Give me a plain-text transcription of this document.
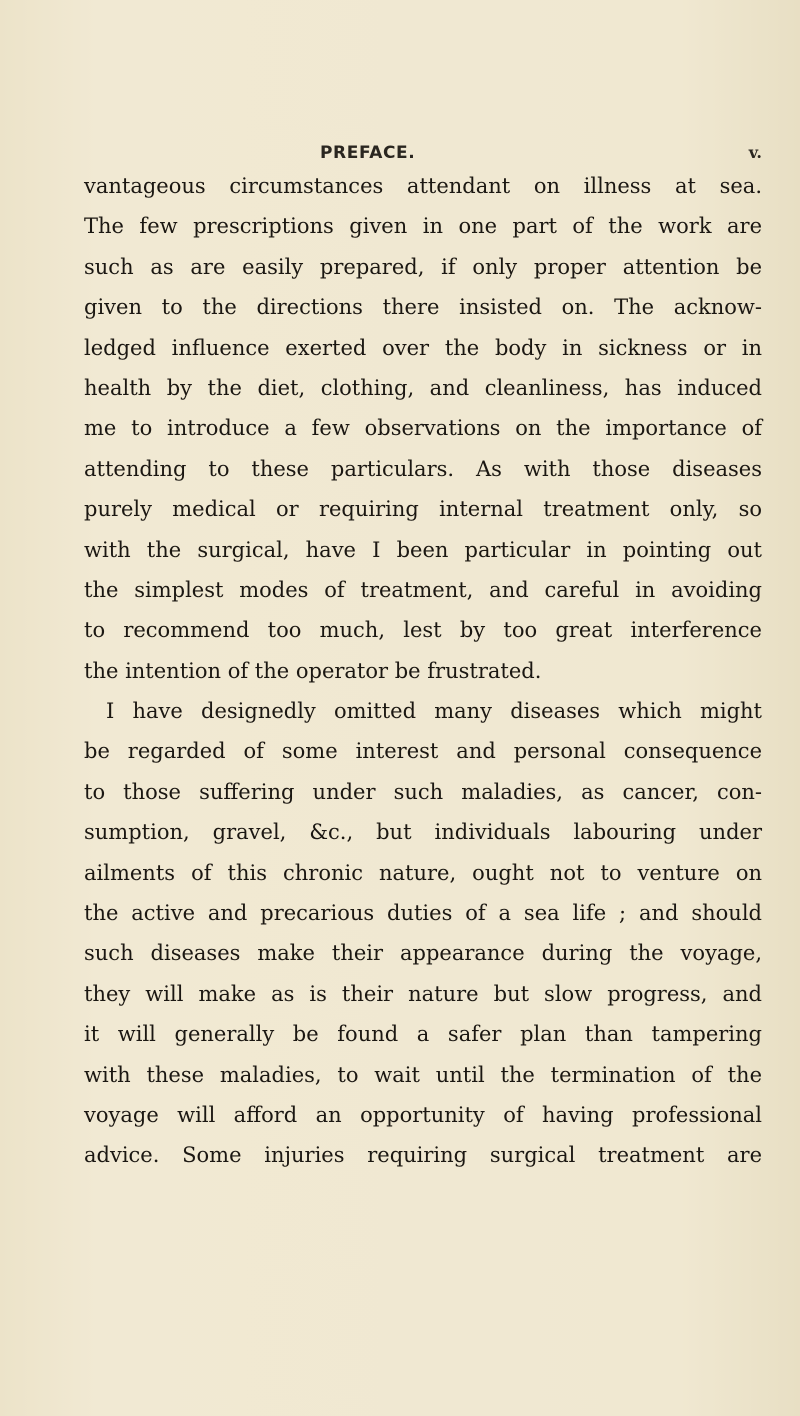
PREFACE.	v.
vantageous circumstances attendant on illness at sea.
The few prescriptions given in one part of the work are
such as are easily prepared, if only proper attention be
given to the directions there insisted on. The acknow-
ledged influence exerted over the body in sickness or in
health by the diet, clothing, and cleanliness, has induced
me to introduce a few observations on the importance of
attending to these particulars. As with those diseases
purely medical or requiring internal treatment only, so
with the surgical, have I been particular in pointing out
the simplest modes of treatment, and careful in avoiding
to recommend too much, lest by too great interference
the intention of the operator be frustrated.
I have designedly omitted many diseases which might
be regarded of some interest and personal consequence
to those suffering under such maladies, as cancer, con-
sumption, gravel, &c., but individuals labouring under
ailments of this chronic nature, ought not to venture on
the active and precarious duties of a sea life ; and should
such diseases make their appearance during the voyage,
they will make as is their nature but slow progress, and
it will generally be found a safer plan than tampering
with these maladies, to wait until the termination of the
voyage will afford an opportunity of having professional
advice. Some injuries requiring surgical treatment are
